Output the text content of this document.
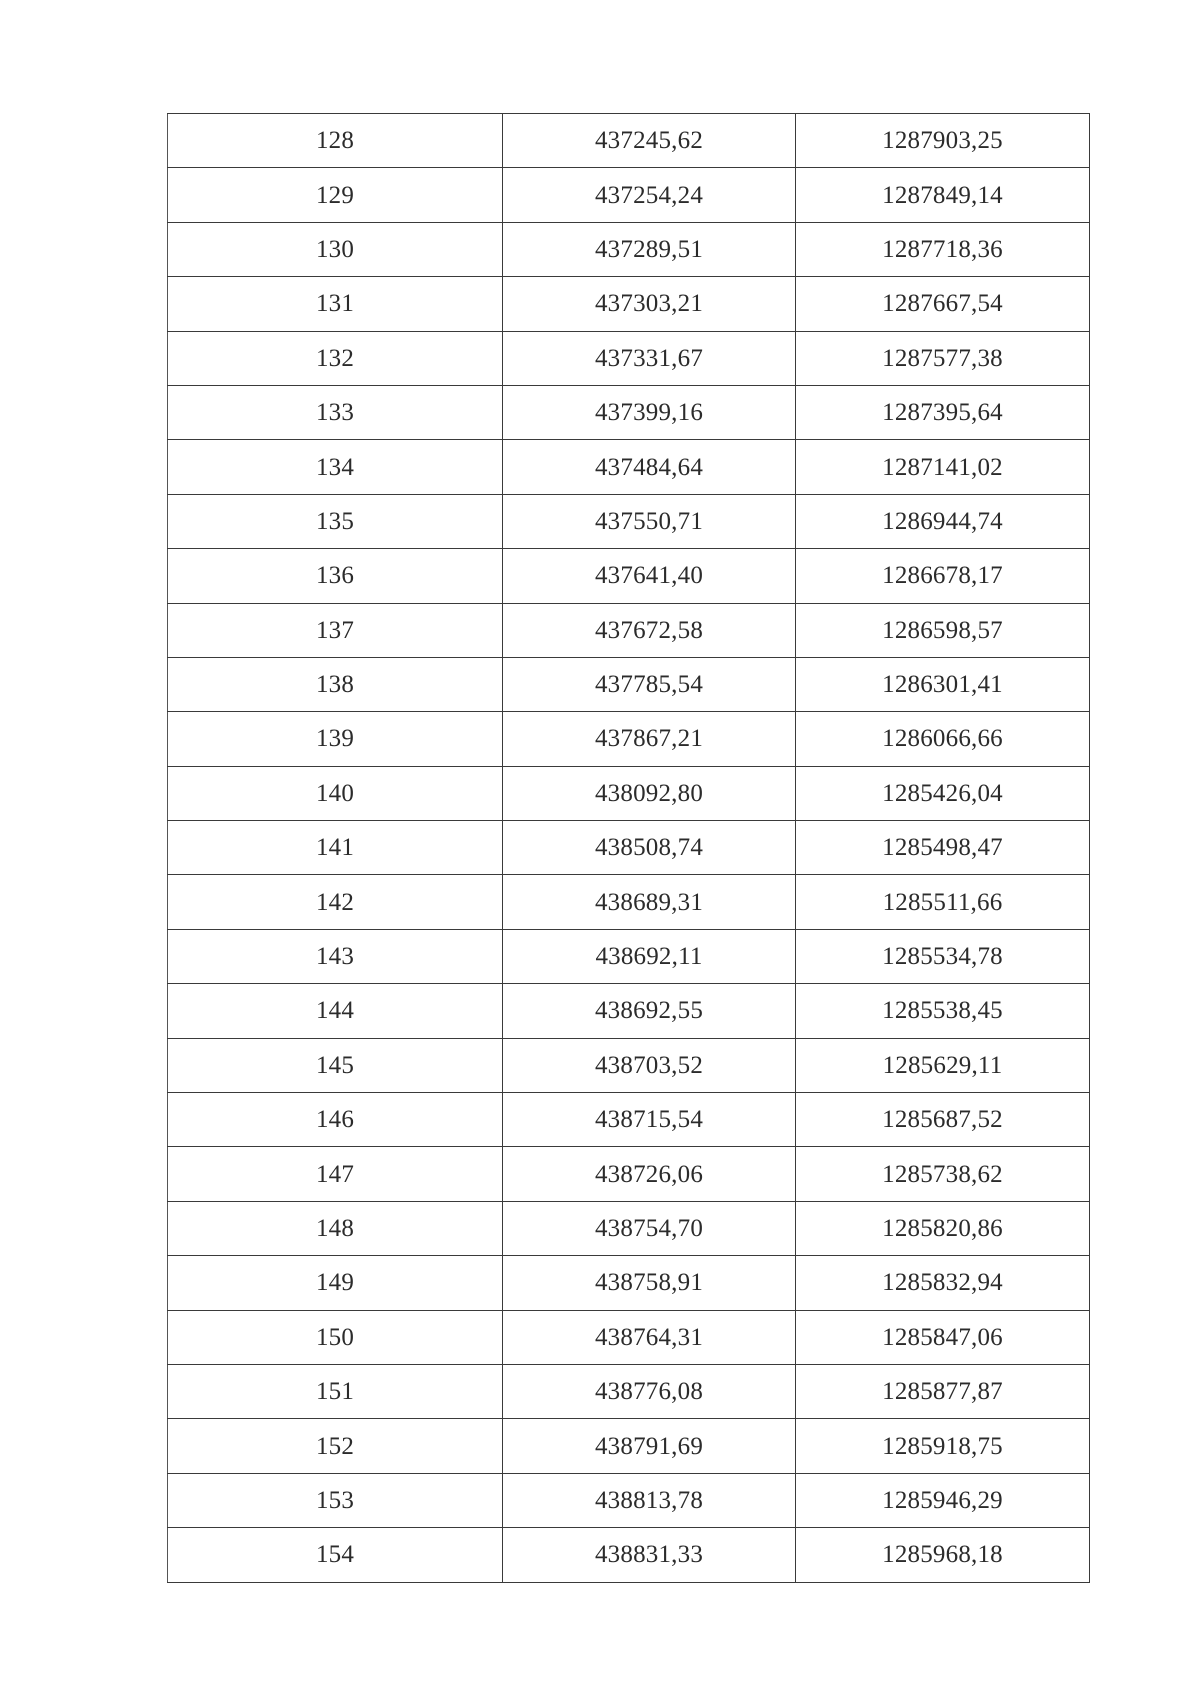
128	437245,62	1287903,25
129	437254,24	1287849,14
130	437289,51	1287718,36
131	437303,21	1287667,54
132	437331,67	1287577,38
133	437399,16	1287395,64
134	437484,64	1287141,02
135	437550,71	1286944,74
136	437641,40	1286678,17
137	437672,58	1286598,57
138	437785,54	1286301,41
139	437867,21	1286066,66
140	438092,80	1285426,04
141	438508,74	1285498,47
142	438689,31	1285511,66
143	438692,11	1285534,78
144	438692,55	1285538,45
145	438703,52	1285629,11
146	438715,54	1285687,52
147	438726,06	1285738,62
148	438754,70	1285820,86
149	438758,91	1285832,94
150	438764,31	1285847,06
151	438776,08	1285877,87
152	438791,69	1285918,75
153	438813,78	1285946,29
154	438831,33	1285968,18
